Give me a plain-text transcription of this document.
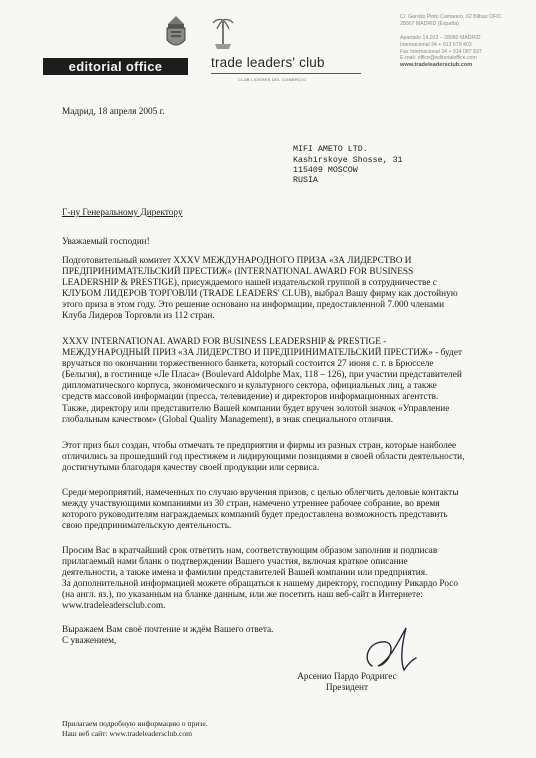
editorial office	trade leaders' club
CLUB LIDERES DEL COMERCIO
C/. Garrido Pinto Camarero, 62 Bilbao OFIC
28007 MADRID (España)

Apartado 14.013 – 28080 MADRID
Internacional 34 + 913 679 403
Fax Internacional 34 + 914 087 837
E-mail: office@editorialoffice.com
www.tradeleadersclub.com
Мадрид, 18 апреля 2005 г.
MIFI AMETO LTD.
Kashirskoye Shosse, 31
115409 MOSCOW
RUSIA
Г-ну Генеральному Директору
Уважаемый господин!
Подготовительный комитет XXXV МЕЖДУНАРОДНОГО ПРИЗА «ЗА ЛИДЕРСТВО И
ПРЕДПРИНИМАТЕЛЬСКИЙ ПРЕСТИЖ» (INTERNATIONAL AWARD FOR BUSINESS
LEADERSHIP & PRESTIGE), присуждаемого нашей издательской группой в сотрудничестве с
КЛУБОМ ЛИДЕРОВ ТОРГОВЛИ (TRADE LEADERS' CLUB), выбрал Вашу фирму как достойную
этого приза в этом году. Это решение основано на информации, предоставленной 7.000 членами
Клуба Лидеров Торговли из 112 стран.
XXXV INTERNATIONAL AWARD FOR BUSINESS LEADERSHIP & PRESTIGE -
МЕЖДУНАРОДНЫЙ ПРИЗ «ЗА ЛИДЕРСТВО И ПРЕДПРИНИМАТЕЛЬСКИЙ ПРЕСТИЖ» - будет
вручаться по окончании торжественного банкета, который состоится 27 июня с. г. в Брюсселе
(Бельгия), в гостинице «Ле Пласа» (Boulevard Aldolphe Max, 118 – 126), при участии представителей
дипломатического корпуса, экономического и культурного сектора, официальных лиц, а также
средств массовой информации (пресса, телевидение) и директоров информационных агентств.
Также, директору или представителю Вашей компании будет вручен золотой значок «Управление
глобальным качеством» (Global Quality Management), в знак специального отличия.
Этот приз был создан, чтобы отмечать те предприятия и фирмы из разных стран, которые наиболее
отличились за прошедший год престижем и лидирующими позициями в своей области деятельности,
достигнутыми благодаря качеству своей продукции или сервиса.
Среди мероприятий, намеченных по случаю вручения призов, с целью облегчить деловые контакты
между участвующими компаниями из 30 стран, намечено утреннее рабочее собрание, во время
которого руководителям награждаемых компаний будет предоставлена возможность представить
свою предпринимательскую деятельность.
Просим Вас в кратчайший срок ответить нам, соответствующим образом заполнив и подписав
прилагаемый нами бланк о подтверждении Вашего участия, включая краткое описание
деятельности, а также имена и фамилии представителей Вашей компании или предприятия.
За дополнительной информацией можете обращаться к нашему директору, господину Рикардо Росо
(на англ. яз.), по указанным на бланке данным, или же посетить наш веб-сайт в Интернете:
www.tradeleadersclub.com.
Выражаем Вам своё почтение и ждём Вашего ответа.
С уважением,
Арсенио Пардо Родригес
Президент
Прилагаем подробную информацию о призе.
Наш веб сайт: www.tradeleadersclub.com
